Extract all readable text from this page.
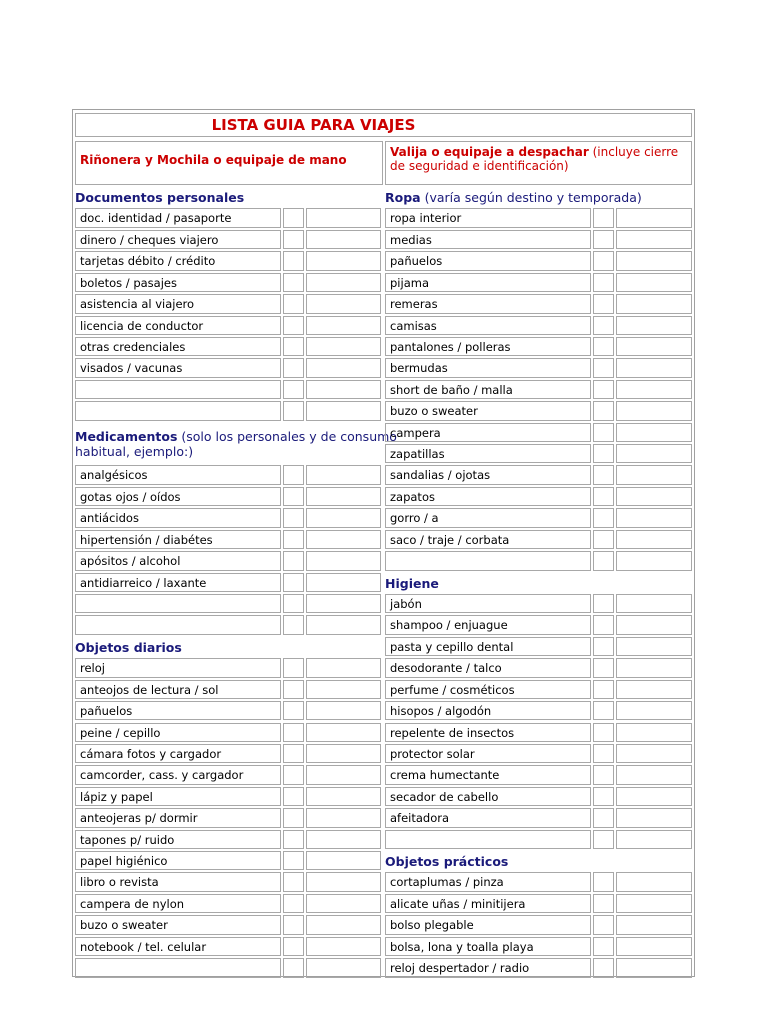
LISTA GUIA PARA VIAJES
Riñonera y Mochila o equipaje de mano
Valija o equipaje a despachar (incluye cierre de seguridad e identificación)
Documentos personales
doc. identidad / pasaporte
dinero / cheques viajero
tarjetas débito / crédito
boletos / pasajes
asistencia al viajero
licencia de conductor
otras credenciales
visados / vacunas
Medicamentos (solo los personales y de consumo habitual, ejemplo:)
analgésicos
gotas ojos / oídos
antiácidos
hipertensión / diabétes
apósitos / alcohol
antidiarreico / laxante
Objetos diarios
reloj
anteojos de lectura / sol
pañuelos
peine / cepillo
cámara fotos y cargador
camcorder, cass. y cargador
lápiz y papel
anteojeras p/ dormir
tapones p/ ruido
papel higiénico
libro o revista
campera de nylon
buzo o sweater
notebook / tel. celular
Ropa (varía según destino y temporada)
ropa interior
medias
pañuelos
pijama
remeras
camisas
pantalones / polleras
bermudas
short de baño / malla
buzo o sweater
campera
zapatillas
sandalias / ojotas
zapatos
gorro / a
saco / traje / corbata
Higiene
jabón
shampoo / enjuague
pasta y cepillo dental
desodorante / talco
perfume / cosméticos
hisopos / algodón
repelente de insectos
protector solar
crema humectante
secador de cabello
afeitadora
Objetos prácticos
cortaplumas / pinza
alicate uñas / minitijera
bolso plegable
bolsa, lona y toalla playa
reloj despertador / radio
